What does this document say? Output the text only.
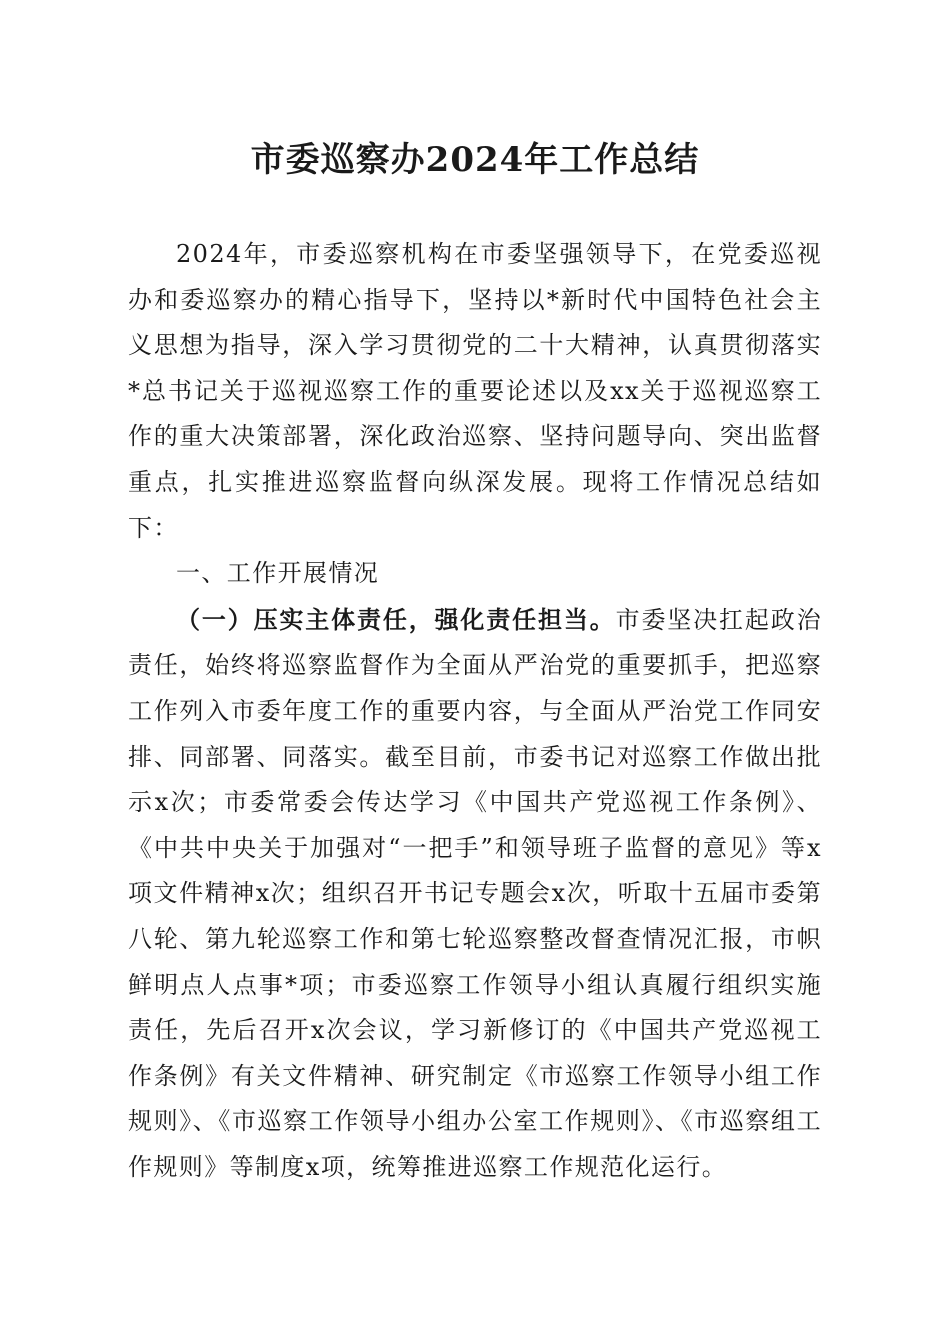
市委巡察办2024年工作总结

2024年，市委巡察机构在市委坚强领导下，在党委巡视办和委巡察办的精心指导下，坚持以*新时代中国特色社会主义思想为指导，深入学习贯彻党的二十大精神，认真贯彻落实*总书记关于巡视巡察工作的重要论述以及xx关于巡视巡察工作的重大决策部署，深化政治巡察、坚持问题导向、突出监督重点，扎实推进巡察监督向纵深发展。现将工作情况总结如下：

一、工作开展情况

（一）压实主体责任，强化责任担当。市委坚决扛起政治责任，始终将巡察监督作为全面从严治党的重要抓手，把巡察工作列入市委年度工作的重要内容，与全面从严治党工作同安排、同部署、同落实。截至目前，市委书记对巡察工作做出批示x次；市委常委会传达学习《中国共产党巡视工作条例》、《中共中央关于加强对“一把手”和领导班子监督的意见》等x项文件精神x次；组织召开书记专题会x次，听取十五届市委第八轮、第九轮巡察工作和第七轮巡察整改督查情况汇报，市帜鲜明点人点事*项；市委巡察工作领导小组认真履行组织实施责任，先后召开x次会议，学习新修订的《中国共产党巡视工作条例》有关文件精神、研究制定《市巡察工作领导小组工作规则》、《市巡察工作领导小组办公室工作规则》、《市巡察组工作规则》等制度x项，统筹推进巡察工作规范化运行。
